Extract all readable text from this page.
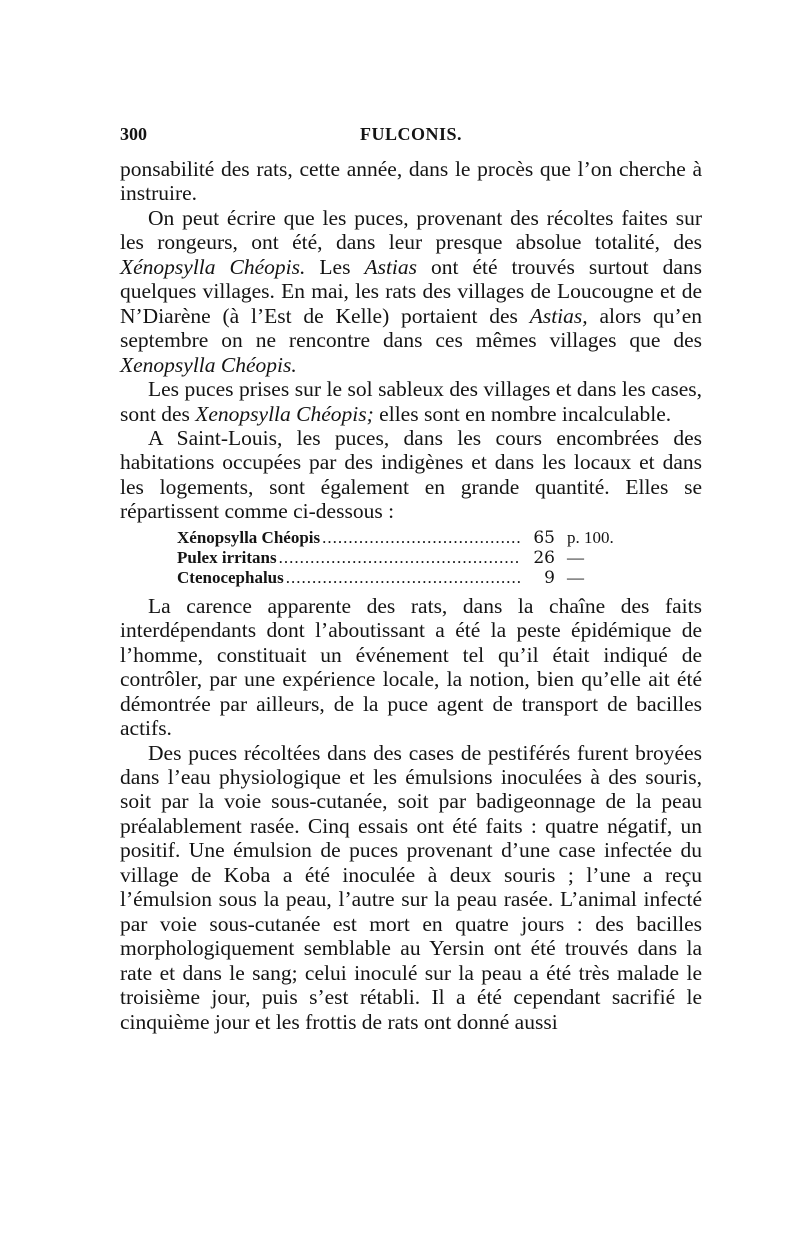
300	FULCONIS.

ponsabilité des rats, cette année, dans le procès que l’on cherche à instruire.

On peut écrire que les puces, provenant des récoltes faites sur les rongeurs, ont été, dans leur presque absolue totalité, des Xénopsylla Chéopis. Les Astias ont été trouvés surtout dans quelques villages. En mai, les rats des villages de Loucougne et de N’Diarène (à l’Est de Kelle) portaient des Astias, alors qu’en septembre on ne rencontre dans ces mêmes villages que des Xenopsylla Chéopis.

Les puces prises sur le sol sableux des villages et dans les cases, sont des Xenopsylla Chéopis; elles sont en nombre incalculable.

A Saint-Louis, les puces, dans les cours encombrées des habitations occupées par des indigènes et dans les locaux et dans les logements, sont également en grande quantité. Elles se répartissent comme ci-dessous :

Xénopsylla Chéopis .....	65 p. 100.
Pulex irritans .....	26 —
Ctenocephalus .....	9 —

La carence apparente des rats, dans la chaîne des faits interdépendants dont l’aboutissant a été la peste épidémique de l’homme, constituait un événement tel qu’il était indiqué de contrôler, par une expérience locale, la notion, bien qu’elle ait été démontrée par ailleurs, de la puce agent de transport de bacilles actifs.

Des puces récoltées dans des cases de pestiférés furent broyées dans l’eau physiologique et les émulsions inoculées à des souris, soit par la voie sous-cutanée, soit par badigeonnage de la peau préalablement rasée. Cinq essais ont été faits : quatre négatif, un positif. Une émulsion de puces provenant d’une case infectée du village de Koba a été inoculée à deux souris ; l’une a reçu l’émulsion sous la peau, l’autre sur la peau rasée. L’animal infecté par voie sous-cutanée est mort en quatre jours : des bacilles morphologiquement semblable au Yersin ont été trouvés dans la rate et dans le sang; celui inoculé sur la peau a été très malade le troisième jour, puis s’est rétabli. Il a été cependant sacrifié le cinquième jour et les frottis de rats ont donné aussi
